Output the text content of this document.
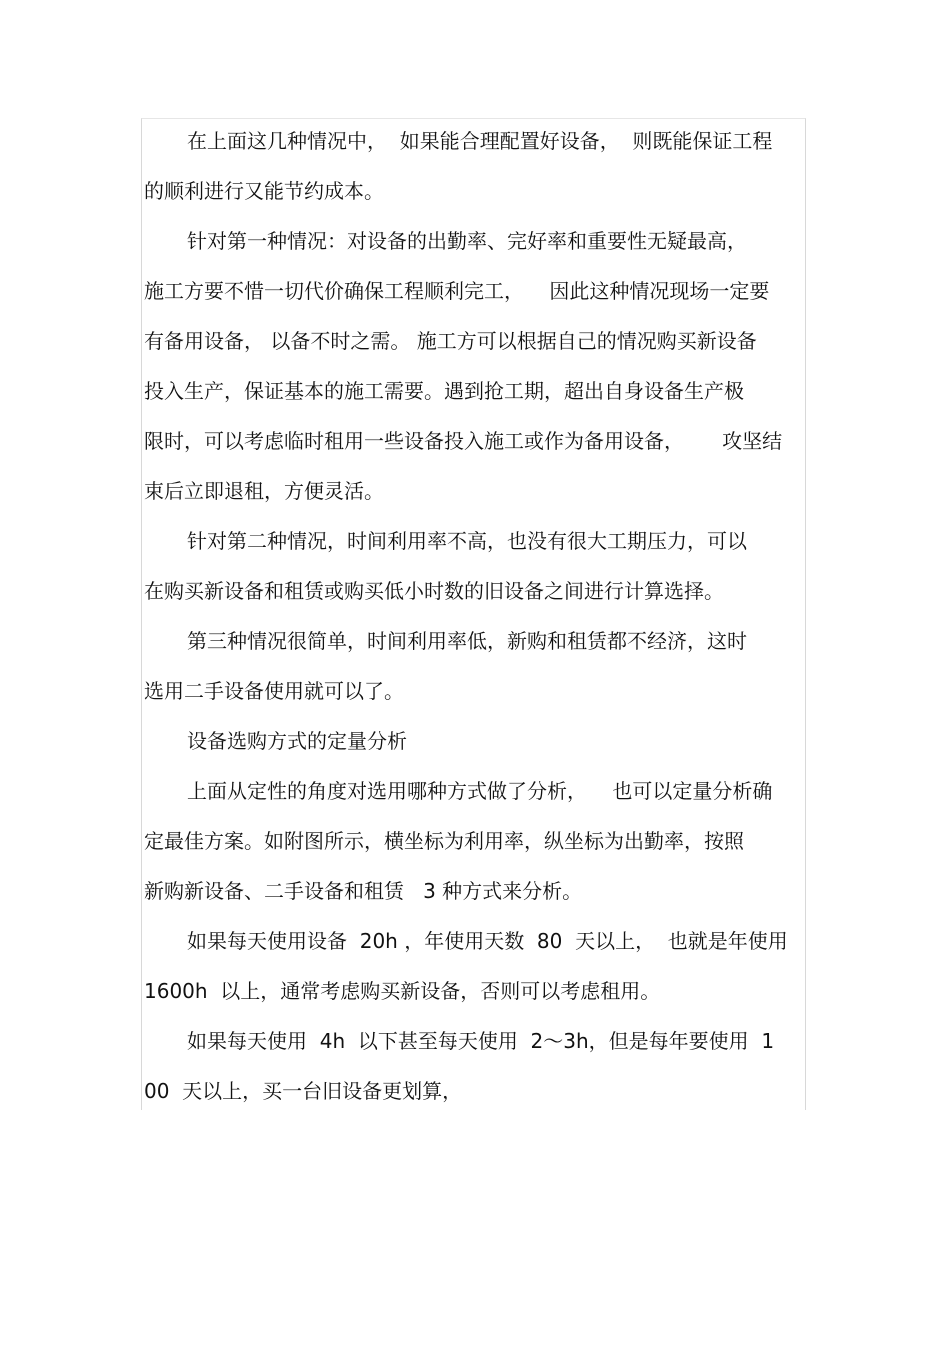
在上面这几种情况中，  如果能合理配置好设备，  则既能保证工程
的顺利进行又能节约成本。
针对第一种情况：对设备的出勤率、完好率和重要性无疑最高，
施工方要不惜一切代价确保工程顺利完工，    因此这种情况现场一定要
有备用设备， 以备不时之需。 施工方可以根据自己的情况购买新设备
投入生产，保证基本的施工需要。遇到抢工期，超出自身设备生产极
限时，可以考虑临时租用一些设备投入施工或作为备用设备，      攻坚结
束后立即退租，方便灵活。
针对第二种情况，时间利用率不高，也没有很大工期压力，可以
在购买新设备和租赁或购买低小时数的旧设备之间进行计算选择。
第三种情况很简单，时间利用率低，新购和租赁都不经济，这时
选用二手设备使用就可以了。
设备选购方式的定量分析
上面从定性的角度对选用哪种方式做了分析，    也可以定量分析确
定最佳方案。如附图所示，横坐标为利用率，纵坐标为出勤率，按照
新购新设备、二手设备和租赁   3 种方式来分析。
如果每天使用设备  20h ，年使用天数  80  天以上，  也就是年使用
1600h  以上，通常考虑购买新设备，否则可以考虑租用。
如果每天使用  4h  以下甚至每天使用  2～3h，但是每年要使用  1
00  天以上，买一台旧设备更划算，
